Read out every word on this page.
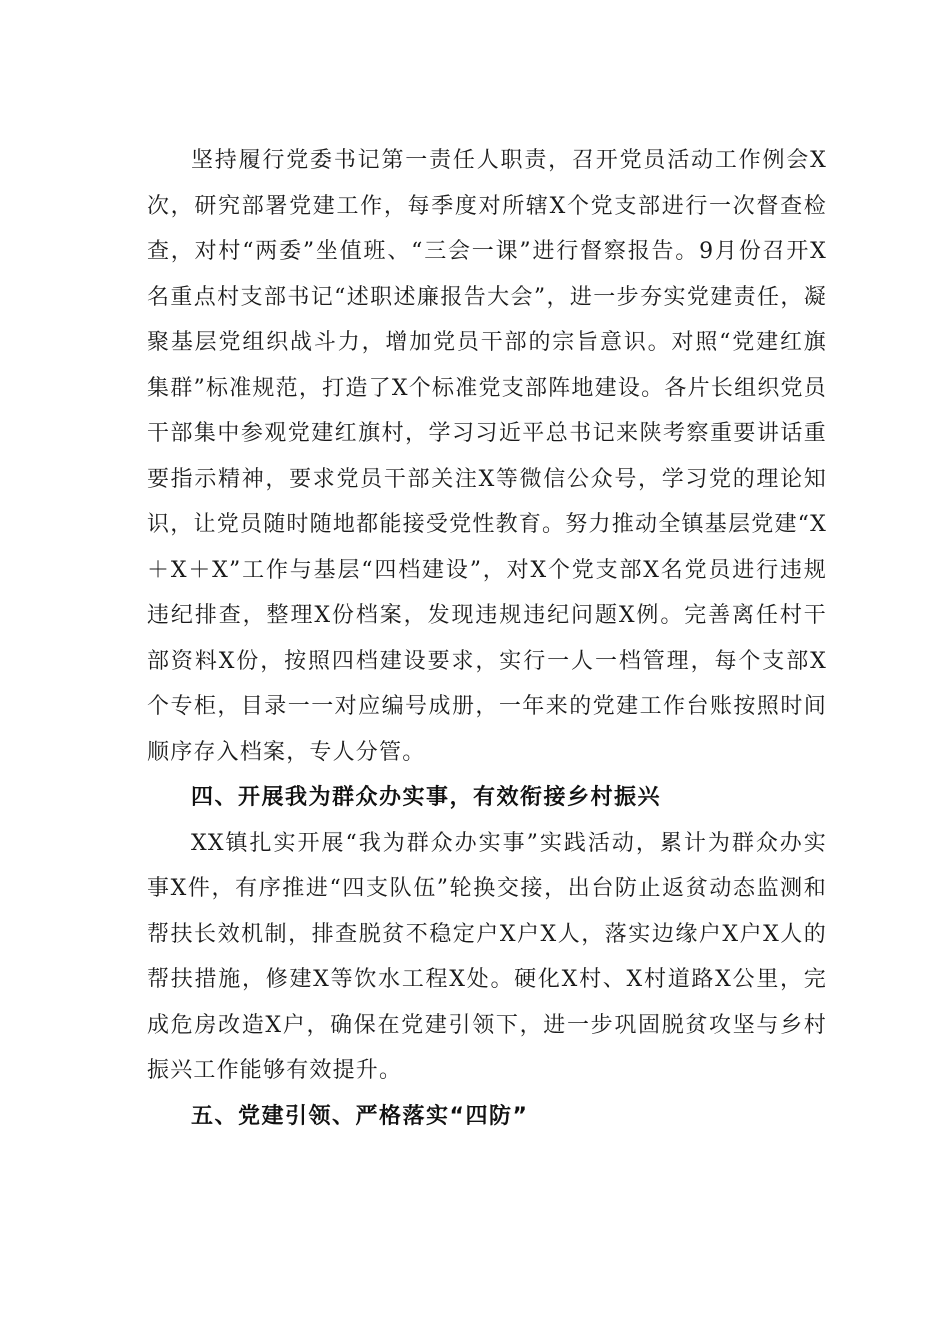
坚持履行党委书记第一责任人职责，召开党员活动工作例会X次，研究部署党建工作，每季度对所辖X个党支部进行一次督查检查，对村“两委”坐值班、“三会一课”进行督察报告。9月份召开X名重点村支部书记“述职述廉报告大会”，进一步夯实党建责任，凝聚基层党组织战斗力，增加党员干部的宗旨意识。对照“党建红旗集群”标准规范，打造了X个标准党支部阵地建设。各片长组织党员干部集中参观党建红旗村，学习习近平总书记来陕考察重要讲话重要指示精神，要求党员干部关注X等微信公众号，学习党的理论知识，让党员随时随地都能接受党性教育。努力推动全镇基层党建“X＋X＋X”工作与基层“四档建设”，对X个党支部X名党员进行违规违纪排查，整理X份档案，发现违规违纪问题X例。完善离任村干部资料X份，按照四档建设要求，实行一人一档管理，每个支部X个专柜，目录一一对应编号成册，一年来的党建工作台账按照时间顺序存入档案，专人分管。

四、开展我为群众办实事，有效衔接乡村振兴

XX镇扎实开展“我为群众办实事”实践活动，累计为群众办实事X件，有序推进“四支队伍”轮换交接，出台防止返贫动态监测和帮扶长效机制，排查脱贫不稳定户X户X人，落实边缘户X户X人的帮扶措施，修建X等饮水工程X处。硬化X村、X村道路X公里，完成危房改造X户，确保在党建引领下，进一步巩固脱贫攻坚与乡村振兴工作能够有效提升。

五、党建引领、严格落实“四防”
